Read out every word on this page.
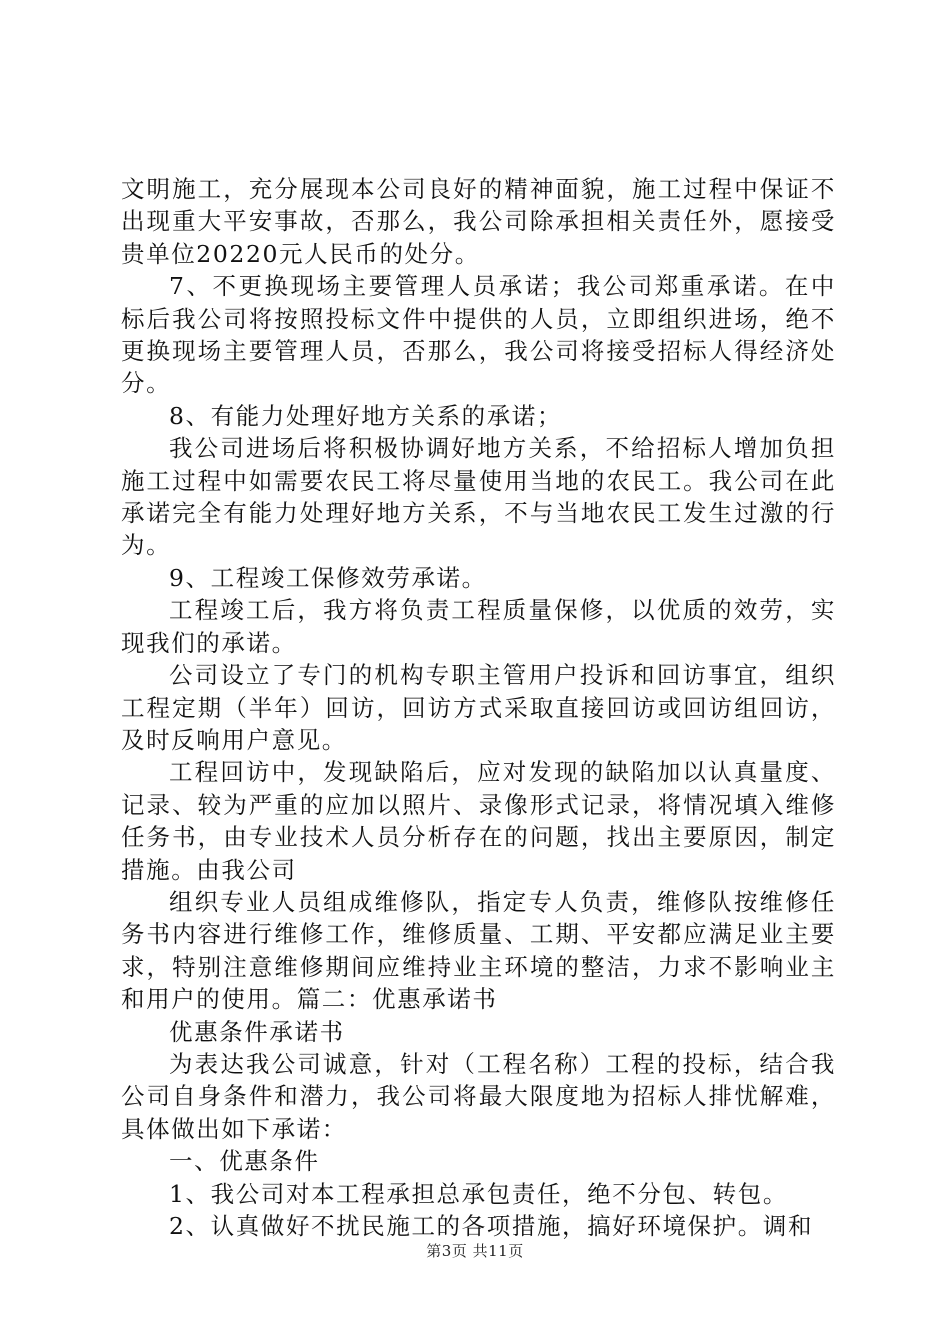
文明施工，充分展现本公司良好的精神面貌，施工过程中保证不出现重大平安事故，否那么，我公司除承担相关责任外，愿接受贵单位20220元人民币的处分。

7、不更换现场主要管理人员承诺；我公司郑重承诺。在中标后我公司将按照投标文件中提供的人员，立即组织进场，绝不更换现场主要管理人员，否那么，我公司将接受招标人得经济处分。

8、有能力处理好地方关系的承诺；

我公司进场后将积极协调好地方关系，不给招标人增加负担施工过程中如需要农民工将尽量使用当地的农民工。我公司在此承诺完全有能力处理好地方关系，不与当地农民工发生过激的行为。

9、工程竣工保修效劳承诺。

工程竣工后，我方将负责工程质量保修，以优质的效劳，实现我们的承诺。

公司设立了专门的机构专职主管用户投诉和回访事宜，组织工程定期（半年）回访，回访方式采取直接回访或回访组回访，及时反响用户意见。

工程回访中，发现缺陷后，应对发现的缺陷加以认真量度、记录、较为严重的应加以照片、录像形式记录，将情况填入维修任务书，由专业技术人员分析存在的问题，找出主要原因，制定措施。由我公司

组织专业人员组成维修队，指定专人负责，维修队按维修任务书内容进行维修工作，维修质量、工期、平安都应满足业主要求，特别注意维修期间应维持业主环境的整洁，力求不影响业主和用户的使用。篇二：优惠承诺书

优惠条件承诺书

为表达我公司诚意，针对（工程名称）工程的投标，结合我公司自身条件和潜力，我公司将最大限度地为招标人排忧解难，具体做出如下承诺：

一、优惠条件

1、我公司对本工程承担总承包责任，绝不分包、转包。

2、认真做好不扰民施工的各项措施，搞好环境保护。调和

第3页 共11页
